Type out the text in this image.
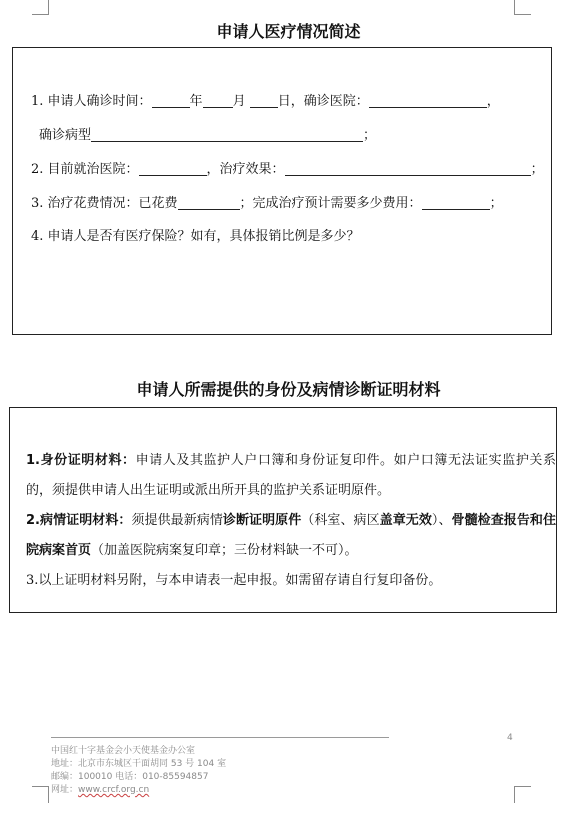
申请人医疗情况简述
1. 申请人确诊时间：	年 月 日，确诊医院：	，
确诊病型	；
2. 目前就治医院：	，治疗效果：	；
3. 治疗花费情况：已花费	；完成治疗预计需要多少费用：	；
4. 申请人是否有医疗保险？如有，具体报销比例是多少？
申请人所需提供的身份及病情诊断证明材料
1.身份证明材料：申请人及其监护人户口簿和身份证复印件。如户口簿无法证实监护关系的，须提供申请人出生证明或派出所开具的监护关系证明原件。
2.病情证明材料：须提供最新病情诊断证明原件（科室、病区盖章无效）、骨髓检查报告和住院病案首页（加盖医院病案复印章；三份材料缺一不可）。
3.以上证明材料另附，与本申请表一起申报。如需留存请自行复印备份。
4
中国红十字基金会小天使基金办公室
地址：北京市东城区干面胡同 53 号 104 室
邮编：100010 电话：010-85594857
网址：www.crcf.org.cn
